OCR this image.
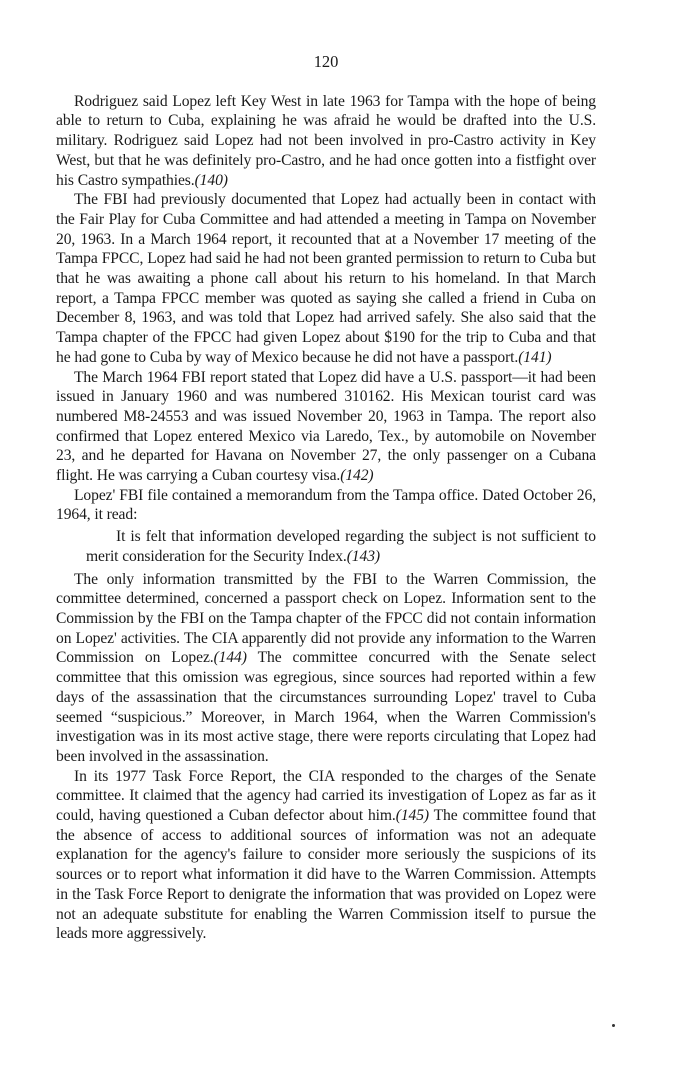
120

Rodriguez said Lopez left Key West in late 1963 for Tampa with the hope of being able to return to Cuba, explaining he was afraid he would be drafted into the U.S. military. Rodriguez said Lopez had not been involved in pro-Castro activity in Key West, but that he was definitely pro-Castro, and he had once gotten into a fistfight over his Castro sympathies.(140)

The FBI had previously documented that Lopez had actually been in contact with the Fair Play for Cuba Committee and had attended a meeting in Tampa on November 20, 1963. In a March 1964 report, it recounted that at a November 17 meeting of the Tampa FPCC, Lopez had said he had not been granted permission to return to Cuba but that he was awaiting a phone call about his return to his homeland. In that March report, a Tampa FPCC member was quoted as saying she called a friend in Cuba on December 8, 1963, and was told that Lopez had arrived safely. She also said that the Tampa chapter of the FPCC had given Lopez about $190 for the trip to Cuba and that he had gone to Cuba by way of Mexico because he did not have a passport.(141)

The March 1964 FBI report stated that Lopez did have a U.S. passport—it had been issued in January 1960 and was numbered 310162. His Mexican tourist card was numbered M8-24553 and was issued November 20, 1963 in Tampa. The report also confirmed that Lopez entered Mexico via Laredo, Tex., by automobile on November 23, and he departed for Havana on November 27, the only passenger on a Cubana flight. He was carrying a Cuban courtesy visa.(142)

Lopez' FBI file contained a memorandum from the Tampa office. Dated October 26, 1964, it read:

It is felt that information developed regarding the subject is not sufficient to merit consideration for the Security Index.(143)

The only information transmitted by the FBI to the Warren Commission, the committee determined, concerned a passport check on Lopez. Information sent to the Commission by the FBI on the Tampa chapter of the FPCC did not contain information on Lopez' activities. The CIA apparently did not provide any information to the Warren Commission on Lopez.(144) The committee concurred with the Senate select committee that this omission was egregious, since sources had reported within a few days of the assassination that the circumstances surrounding Lopez' travel to Cuba seemed “suspicious.” Moreover, in March 1964, when the Warren Commission's investigation was in its most active stage, there were reports circulating that Lopez had been involved in the assassination.

In its 1977 Task Force Report, the CIA responded to the charges of the Senate committee. It claimed that the agency had carried its investigation of Lopez as far as it could, having questioned a Cuban defector about him.(145) The committee found that the absence of access to additional sources of information was not an adequate explanation for the agency's failure to consider more seriously the suspicions of its sources or to report what information it did have to the Warren Commission. Attempts in the Task Force Report to denigrate the information that was provided on Lopez were not an adequate substitute for enabling the Warren Commission itself to pursue the leads more aggressively.
